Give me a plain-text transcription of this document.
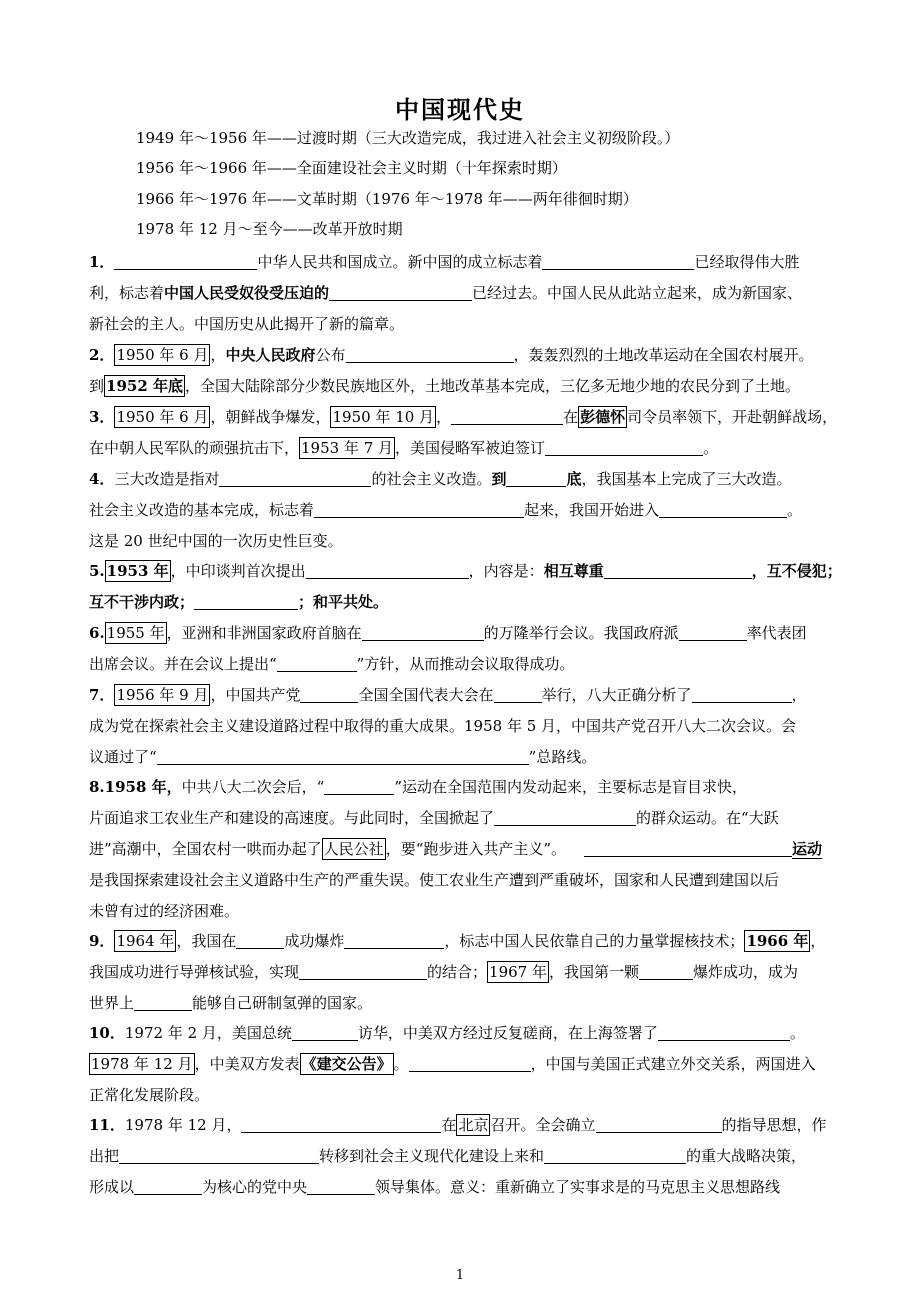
中国现代史
1949 年～1956 年——过渡时期（三大改造完成，我过进入社会主义初级阶段。）
1956 年～1966 年——全面建设社会主义时期（十年探索时期）
1966 年～1976 年——文革时期（1976 年～1978 年——两年徘徊时期）
1978 年 12 月～至今——改革开放时期
1．	中华人民共和国成立。新中国的成立标志着	已经取得伟大胜
利，标志着中国人民受奴役受压迫的	已经过去。中国人民从此站立起来，成为新国家、
新社会的主人。中国历史从此揭开了新的篇章。
2． 1950 年 6 月 ，中央人民政府公布	，轰轰烈烈的土地改革运动在全国农村展开。
到 1952 年底 ，全国大陆除部分少数民族地区外，土地改革基本完成，三亿多无地少地的农民分到了土地。
3． 1950 年 6 月 ，朝鲜战争爆发， 1950 年 10 月 ，	在 彭德怀 司令员率领下，开赴朝鲜战场，
在中朝人民军队的顽强抗击下， 1953 年 7 月 ，美国侵略军被迫签订	。
4．三大改造是指对	的社会主义改造。到	底，我国基本上完成了三大改造。
社会主义改造的基本完成，标志着	起来，我国开始进入	。
这是 20 世纪中国的一次历史性巨变。
5. 1953 年 ，中印谈判首次提出	，内容是：相互尊重	，互不侵犯；
互不干涉内政；	；和平共处。
6. 1955 年 ，亚洲和非洲国家政府首脑在	的万隆举行会议。我国政府派	率代表团
出席会议。并在会议上提出“	”方针，从而推动会议取得成功。
7． 1956 年 9 月 ，中国共产党	全国全国代表大会在	举行，八大正确分析了	，
成为党在探索社会主义建设道路过程中取得的重大成果。1958 年 5 月，中国共产党召开八大二次会议。会
议通过了“	”总路线。
8.1958 年，中共八大二次会后，“	”运动在全国范围内发动起来，主要标志是盲目求快，
片面追求工农业生产和建设的高速度。与此同时，全国掀起了	的群众运动。在“大跃
进”高潮中，全国农村一哄而办起了 人民公社 ，要“跑步进入共产主义”。	运动
是我国探索建设社会主义道路中生产的严重失误。使工农业生产遭到严重破坏，国家和人民遭到建国以后
未曾有过的经济困难。
9． 1964 年 ，我国在	成功爆炸	，标志中国人民依靠自己的力量掌握核技术； 1966 年 ，
我国成功进行导弹核试验，实现	的结合； 1967 年 ，我国第一颗	爆炸成功，成为
世界上	能够自己研制氢弹的国家。
10．1972 年 2 月，美国总统	访华，中美双方经过反复磋商，在上海签署了	。
1978 年 12 月 ，中美双方发表 《建交公告》 。	，中国与美国正式建立外交关系，两国进入
正常化发展阶段。
11．1978 年 12 月，	在 北京 召开。全会确立	的指导思想，作
出把	转移到社会主义现代化建设上来和	的重大战略决策，
形成以	为核心的党中央	领导集体。意义：重新确立了实事求是的马克思主义思想路线
1
